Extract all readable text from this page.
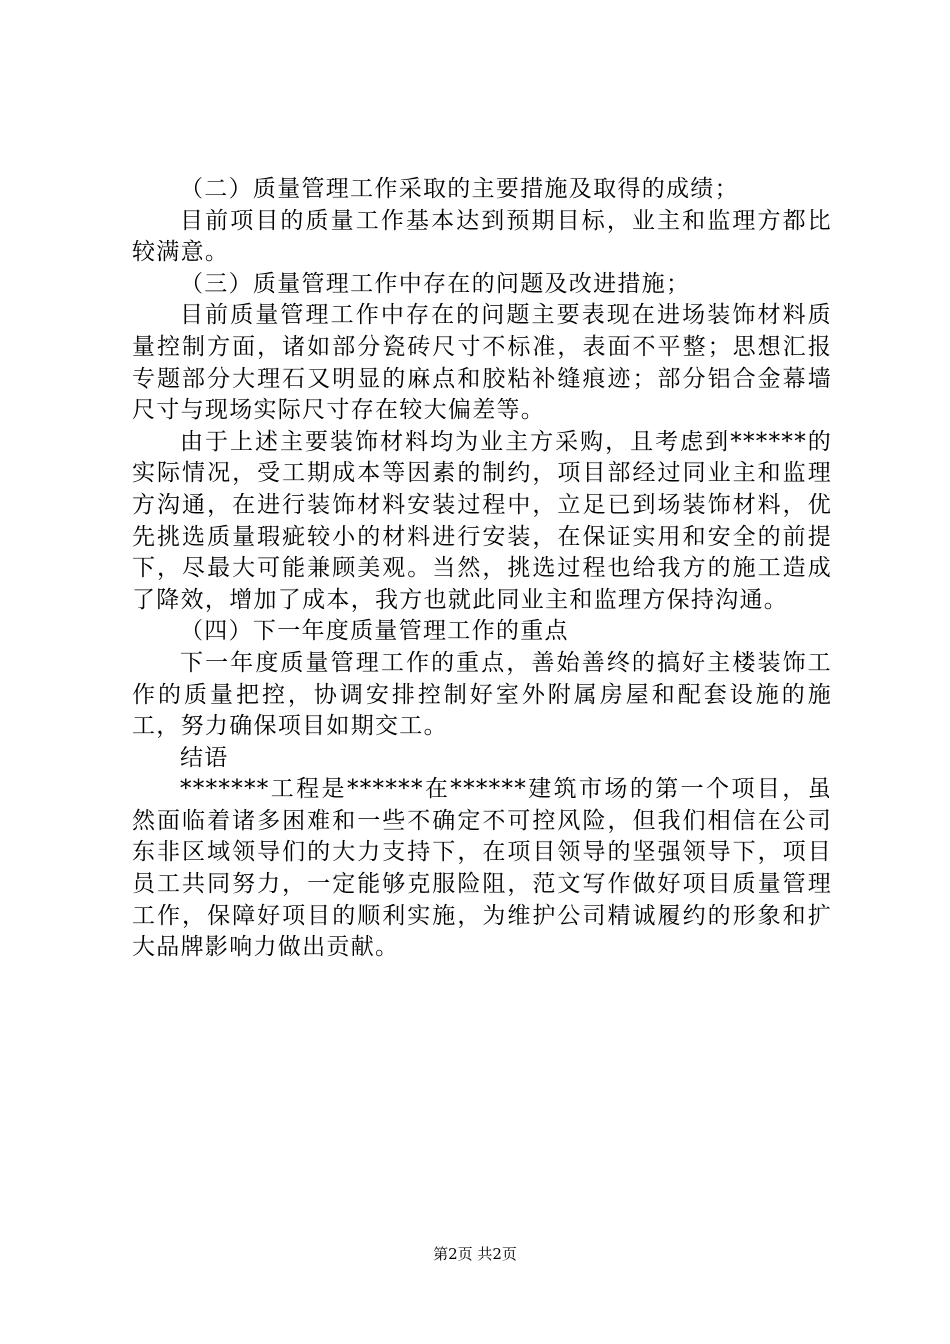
（二）质量管理工作采取的主要措施及取得的成绩；

目前项目的质量工作基本达到预期目标，业主和监理方都比较满意。

（三）质量管理工作中存在的问题及改进措施；

目前质量管理工作中存在的问题主要表现在进场装饰材料质量控制方面，诸如部分瓷砖尺寸不标准，表面不平整；思想汇报专题部分大理石又明显的麻点和胶粘补缝痕迹；部分铝合金幕墙尺寸与现场实际尺寸存在较大偏差等。

由于上述主要装饰材料均为业主方采购，且考虑到******的实际情况，受工期成本等因素的制约，项目部经过同业主和监理方沟通，在进行装饰材料安装过程中，立足已到场装饰材料，优先挑选质量瑕疵较小的材料进行安装，在保证实用和安全的前提下，尽最大可能兼顾美观。当然，挑选过程也给我方的施工造成了降效，增加了成本，我方也就此同业主和监理方保持沟通。

（四）下一年度质量管理工作的重点

下一年度质量管理工作的重点，善始善终的搞好主楼装饰工作的质量把控，协调安排控制好室外附属房屋和配套设施的施工，努力确保项目如期交工。

结语

*******工程是******在******建筑市场的第一个项目，虽然面临着诸多困难和一些不确定不可控风险，但我们相信在公司东非区域领导们的大力支持下，在项目领导的坚强领导下，项目员工共同努力，一定能够克服险阻，范文写作做好项目质量管理工作，保障好项目的顺利实施，为维护公司精诚履约的形象和扩大品牌影响力做出贡献。

第2页 共2页
